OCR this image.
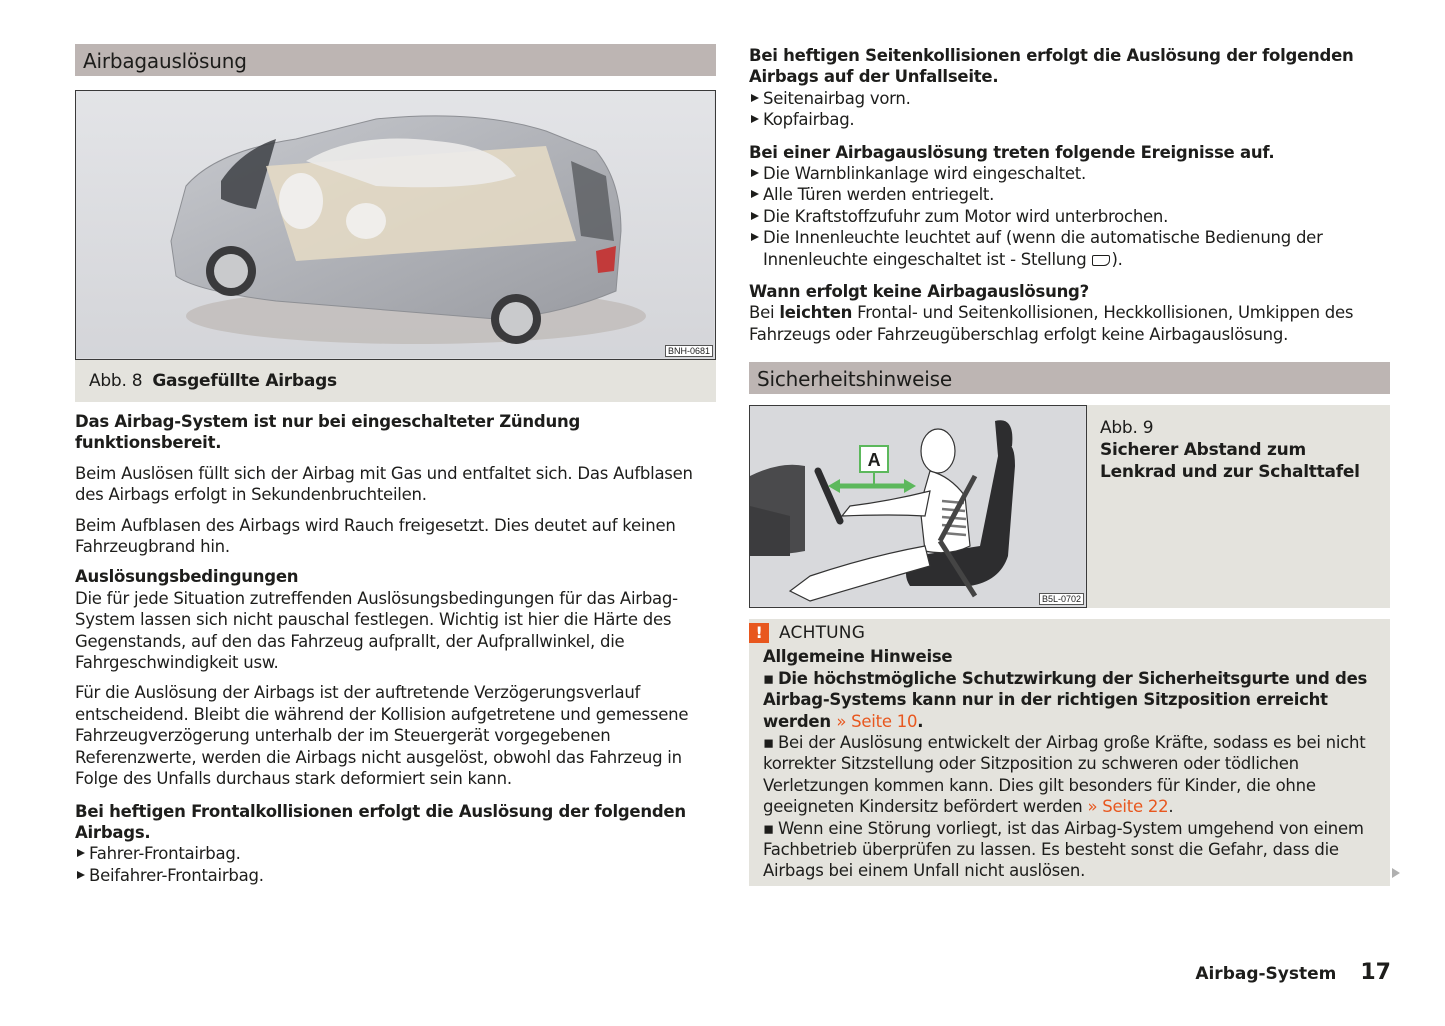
Airbagauslösung
BNH-0681
Abb. 8 Gasgefüllte Airbags

Das Airbag-System ist nur bei eingeschalteter Zündung funktionsbereit.

Beim Auslösen füllt sich der Airbag mit Gas und entfaltet sich. Das Aufblasen des Airbags erfolgt in Sekundenbruchteilen.

Beim Aufblasen des Airbags wird Rauch freigesetzt. Dies deutet auf keinen Fahrzeugbrand hin.

Auslösungsbedingungen

Die für jede Situation zutreffenden Auslösungsbedingungen für das Airbag-System lassen sich nicht pauschal festlegen. Wichtig ist hier die Härte des Gegenstands, auf den das Fahrzeug aufprallt, der Aufprallwinkel, die Fahrgeschwindigkeit usw.

Für die Auslösung der Airbags ist der auftretende Verzögerungsverlauf entscheidend. Bleibt die während der Kollision aufgetretene und gemessene Fahrzeugverzögerung unterhalb der im Steuergerät vorgegebenen Referenzwerte, werden die Airbags nicht ausgelöst, obwohl das Fahrzeug in Folge des Unfalls durchaus stark deformiert sein kann.

Bei heftigen Frontalkollisionen erfolgt die Auslösung der folgenden Airbags.

Fahrer-Frontairbag.
Beifahrer-Frontairbag.

Bei heftigen Seitenkollisionen erfolgt die Auslösung der folgenden Airbags auf der Unfallseite.

Seitenairbag vorn.
Kopfairbag.

Bei einer Airbagauslösung treten folgende Ereignisse auf.

Die Warnblinkanlage wird eingeschaltet.
Alle Türen werden entriegelt.
Die Kraftstoffzufuhr zum Motor wird unterbrochen.
Die Innenleuchte leuchtet auf (wenn die automatische Bedienung der Innenleuchte eingeschaltet ist - Stellung ).

Wann erfolgt keine Airbagauslösung?

Bei leichten Frontal- und Seitenkollisionen, Heckkollisionen, Umkippen des Fahrzeugs oder Fahrzeugüberschlag erfolgt keine Airbagauslösung.

Sicherheitshinweise
A
B5L-0702
Abb. 9
Sicherer Abstand zum Lenkrad und zur Schalttafel
! ACHTUNG

Allgemeine Hinweise

▪ Die höchstmögliche Schutzwirkung der Sicherheitsgurte und des Airbag-Systems kann nur in der richtigen Sitzposition erreicht werden » Seite 10.

▪ Bei der Auslösung entwickelt der Airbag große Kräfte, sodass es bei nicht korrekter Sitzstellung oder Sitzposition zu schweren oder tödlichen Verletzungen kommen kann. Dies gilt besonders für Kinder, die ohne geeigneten Kindersitz befördert werden » Seite 22.

▪ Wenn eine Störung vorliegt, ist das Airbag-System umgehend von einem Fachbetrieb überprüfen zu lassen. Es besteht sonst die Gefahr, dass die Airbags bei einem Unfall nicht auslösen.

Airbag-System 17
